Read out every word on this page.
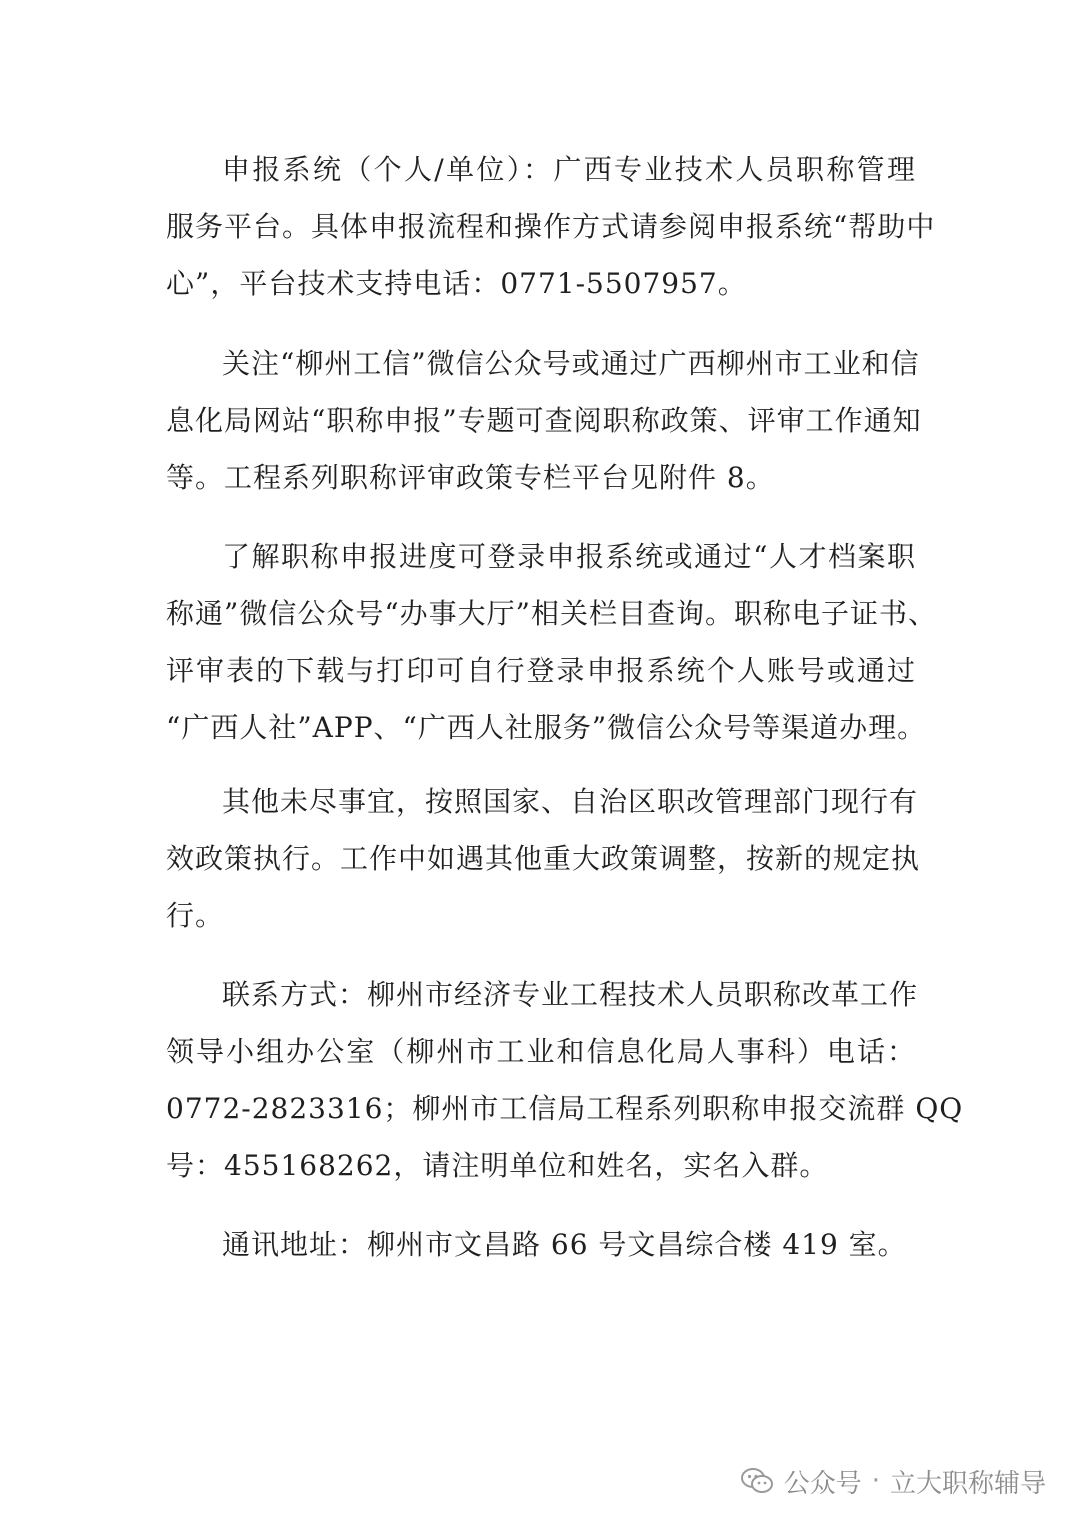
申报系统（个人/单位）：广西专业技术人员职称管理
服务平台。具体申报流程和操作方式请参阅申报系统“帮助中
心”，平台技术支持电话：0771-5507957。
关注“柳州工信”微信公众号或通过广西柳州市工业和信
息化局网站“职称申报”专题可查阅职称政策、评审工作通知
等。工程系列职称评审政策专栏平台见附件 8。
了解职称申报进度可登录申报系统或通过“人才档案职
称通”微信公众号“办事大厅”相关栏目查询。职称电子证书、
评审表的下载与打印可自行登录申报系统个人账号或通过
“广西人社”APP、“广西人社服务”微信公众号等渠道办理。
其他未尽事宜，按照国家、自治区职改管理部门现行有
效政策执行。工作中如遇其他重大政策调整，按新的规定执
行。
联系方式：柳州市经济专业工程技术人员职称改革工作
领导小组办公室（柳州市工业和信息化局人事科）电话：
0772-2823316；柳州市工信局工程系列职称申报交流群 QQ
号：455168262，请注明单位和姓名，实名入群。
通讯地址：柳州市文昌路 66 号文昌综合楼 419 室。
公众号 · 立大职称辅导
